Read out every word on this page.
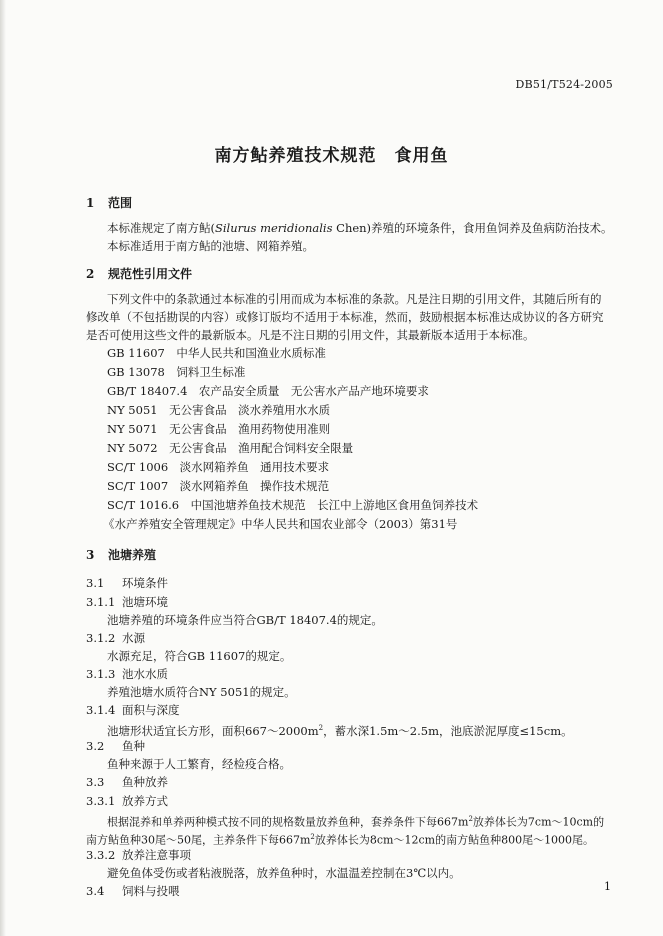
DB51/T524-2005
南方鲇养殖技术规范　食用鱼
1 范围
本标准规定了南方鲇(Silurus meridionalis Chen)养殖的环境条件，食用鱼饲养及鱼病防治技术。
本标准适用于南方鲇的池塘、网箱养殖。
2 规范性引用文件
下列文件中的条款通过本标准的引用而成为本标准的条款。凡是注日期的引用文件，其随后所有的
修改单（不包括勘误的内容）或修订版均不适用于本标准，然而，鼓励根据本标准达成协议的各方研究
是否可使用这些文件的最新版本。凡是不注日期的引用文件，其最新版本适用于本标准。
GB 11607　中华人民共和国渔业水质标准
GB 13078　饲料卫生标准
GB/T 18407.4　农产品安全质量　无公害水产品产地环境要求
NY 5051　无公害食品　淡水养殖用水水质
NY 5071　无公害食品　渔用药物使用准则
NY 5072　无公害食品　渔用配合饲料安全限量
SC/T 1006　淡水网箱养鱼　通用技术要求
SC/T 1007　淡水网箱养鱼　操作技术规范
SC/T 1016.6　中国池塘养鱼技术规范　长江中上游地区食用鱼饲养技术
《水产养殖安全管理规定》中华人民共和国农业部令（2003）第31号
3 池塘养殖
3.1 环境条件
3.1.1 池塘环境
池塘养殖的环境条件应当符合GB/T 18407.4的规定。
3.1.2 水源
水源充足，符合GB 11607的规定。
3.1.3 池水水质
养殖池塘水质符合NY 5051的规定。
3.1.4 面积与深度
池塘形状适宜长方形，面积$667\sim 2000m^2$，蓄水深1.5m～2.5m，池底淤泥厚度≤15cm。
3.2 鱼种
鱼种来源于人工繁育，经检疫合格。
3.3 鱼种放养
3.3.1 放养方式
根据混养和单养两种模式按不同的规格数量放养鱼种，套养条件下每$667m^2$放养体长为7cm～10cm的
南方鲇鱼种30尾～50尾，主养条件下每$667m^2$放养体长为8cm～12cm的南方鲇鱼种800尾～1000尾。
3.3.2 放养注意事项
避免鱼体受伤或者粘液脱落，放养鱼种时，水温温差控制在3℃以内。
3.4 饲料与投喂	1
